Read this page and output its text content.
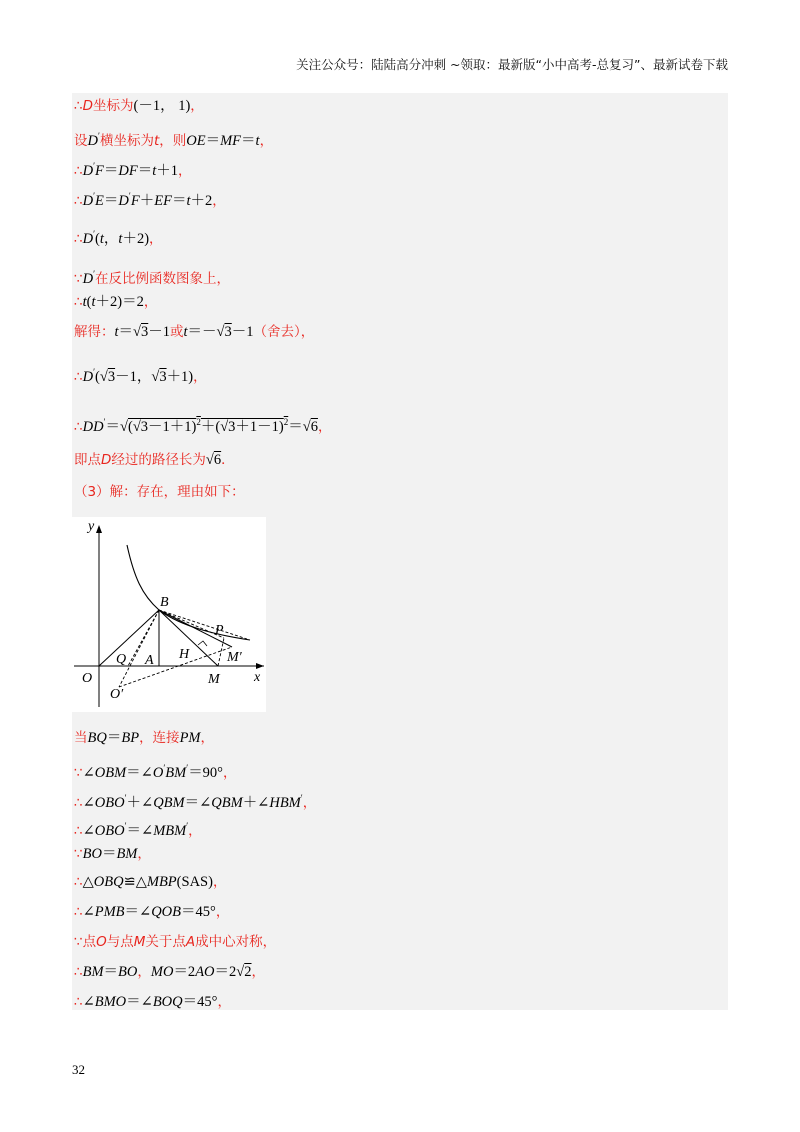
关注公众号：陆陆高分冲刺 ~领取：最新版“小中高考-总复习”、最新试卷下载
∴D坐标为(－1， 1)，
设D′横坐标为t，则OE＝MF＝t，
∴D′F＝DF＝t＋1，
∴D′E＝D′F＋EF＝t＋2，
∴D′(t，t＋2)，
∵D′在反比例函数图象上，
∴t(t＋2)＝2，
解得：t＝√3－1或t＝－√3－1（舍去），
∴D′(√3－1，√3＋1)，
$\therefore DD'=√(√3-1+1)^2+(√3+1-1)^2=√6$，
即点D经过的路径长为√6．
（3）解：存在，理由如下：
y
x
O
B
P
Q A H	M′
M
O′
当BQ＝BP，连接PM，
∵∠OBM＝∠O′BM′＝90°，
∴∠OBO′＋∠QBM＝∠QBM＋∠HBM′，
∴∠OBO′＝∠MBM′，
∵BO＝BM，
∴△OBQ≌△MBP(SAS)，
∴∠PMB＝∠QOB＝45°，
∵点O与点M关于点A成中心对称，
∴BM＝BO，MO＝2AO＝2√2，
∴∠BMO＝∠BOQ＝45°，
32
